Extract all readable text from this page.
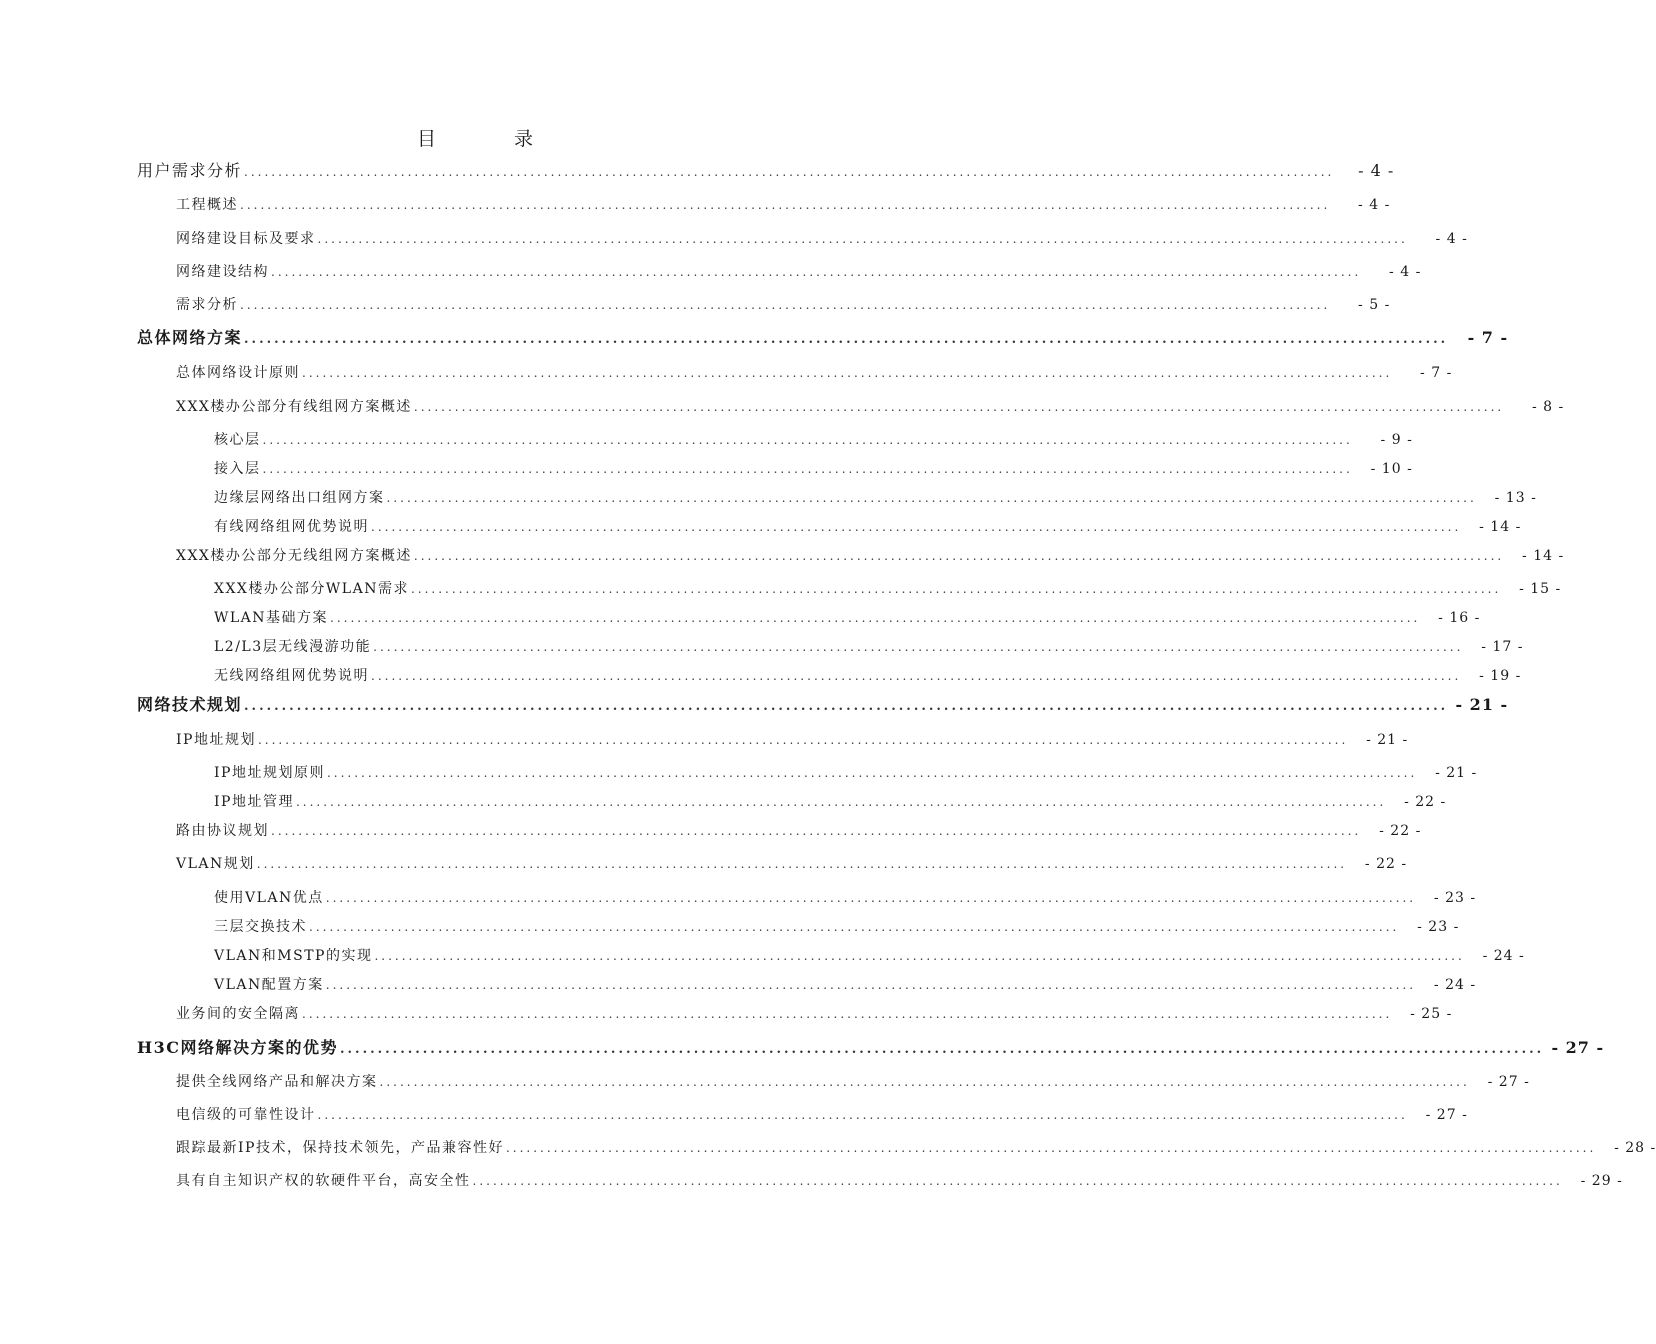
目 录
用户需求分析 ................................................................................................................................................................	- 4 -
工程概述 ................................................................................................................................................................	- 4 -
网络建设目标及要求 ................................................................................................................................................................	- 4 -
网络建设结构 ................................................................................................................................................................	- 4 -
需求分析 ................................................................................................................................................................	- 5 -
总体网络方案 ................................................................................................................................................................	- 7 -
总体网络设计原则 ................................................................................................................................................................	- 7 -
XXX楼办公部分有线组网方案概述 ................................................................................................................................................................	- 8 -
核心层 ................................................................................................................................................................	- 9 -
接入层 ................................................................................................................................................................	- 10 -
边缘层网络出口组网方案 ................................................................................................................................................................	- 13 -
有线网络组网优势说明 ................................................................................................................................................................	- 14 -
XXX楼办公部分无线组网方案概述 ................................................................................................................................................................	- 14 -
XXX楼办公部分WLAN需求 ................................................................................................................................................................	- 15 -
WLAN基础方案 ................................................................................................................................................................	- 16 -
L2/L3层无线漫游功能 ................................................................................................................................................................	- 17 -
无线网络组网优势说明 ................................................................................................................................................................	- 19 -
网络技术规划 ................................................................................................................................................................ - 21 -
IP地址规划 ................................................................................................................................................................	- 21 -
IP地址规划原则 ................................................................................................................................................................	- 21 -
IP地址管理 ................................................................................................................................................................	- 22 -
路由协议规划 ................................................................................................................................................................	- 22 -
VLAN规划 ................................................................................................................................................................	- 22 -
使用VLAN优点 ................................................................................................................................................................	- 23 -
三层交换技术 ................................................................................................................................................................	- 23 -
VLAN和MSTP的实现 ................................................................................................................................................................	- 24 -
VLAN配置方案 ................................................................................................................................................................	- 24 -
业务间的安全隔离 ................................................................................................................................................................	- 25 -
H3C网络解决方案的优势 ................................................................................................................................................................ - 27 -
提供全线网络产品和解决方案 ................................................................................................................................................................	- 27 -
电信级的可靠性设计 ................................................................................................................................................................	- 27 -
跟踪最新IP技术，保持技术领先，产品兼容性好 ................................................................................................................................................................	- 28 -
具有自主知识产权的软硬件平台，高安全性 ................................................................................................................................................................	- 29 -
